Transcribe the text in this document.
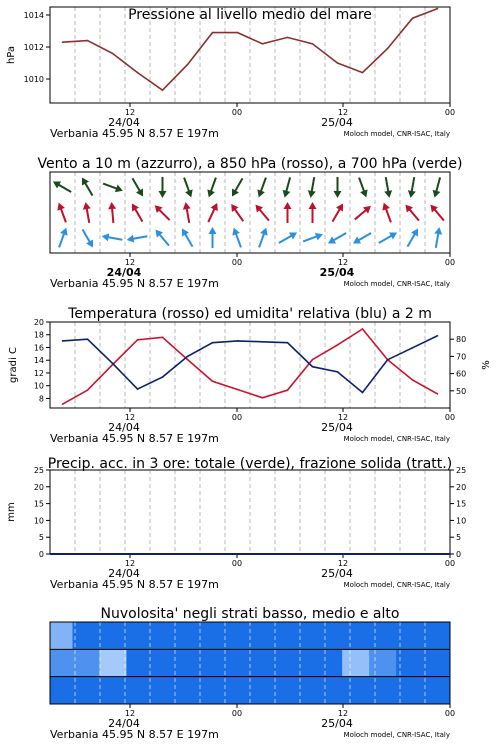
12	00	12	00
24/04	25/04
Verbania 45.95 N 8.57 E 197m	Moloch model, CNR-ISAC, Italy
Pressione al livello medio del mare
1010
1012
1014
hPa
12	00	12	00
24/04	25/04
Verbania 45.95 N 8.57 E 197m	Moloch model, CNR-ISAC, Italy
Vento a 10 m (azzurro), a 850 hPa (rosso), a 700 hPa (verde)
12	00	12	00
24/04	25/04
Verbania 45.95 N 8.57 E 197m	Moloch model, CNR-ISAC, Italy
Temperatura (rosso) ed umidita' relativa (blu) a 2 m
8
10
12
14
16
18
20
50
60
70
80
gradi C	%
12	00	12	00
24/04	25/04
Verbania 45.95 N 8.57 E 197m	Moloch model, CNR-ISAC, Italy
Precip. acc. in 3 ore: totale (verde), frazione solida (tratt.)
0
5
10
15
20
25
0
5
10
15
20
25
mm
Nuvolosita' negli strati basso, medio e alto
12	00	12	00
24/04	25/04
Verbania 45.95 N 8.57 E 197m	Moloch model, CNR-ISAC, Italy
